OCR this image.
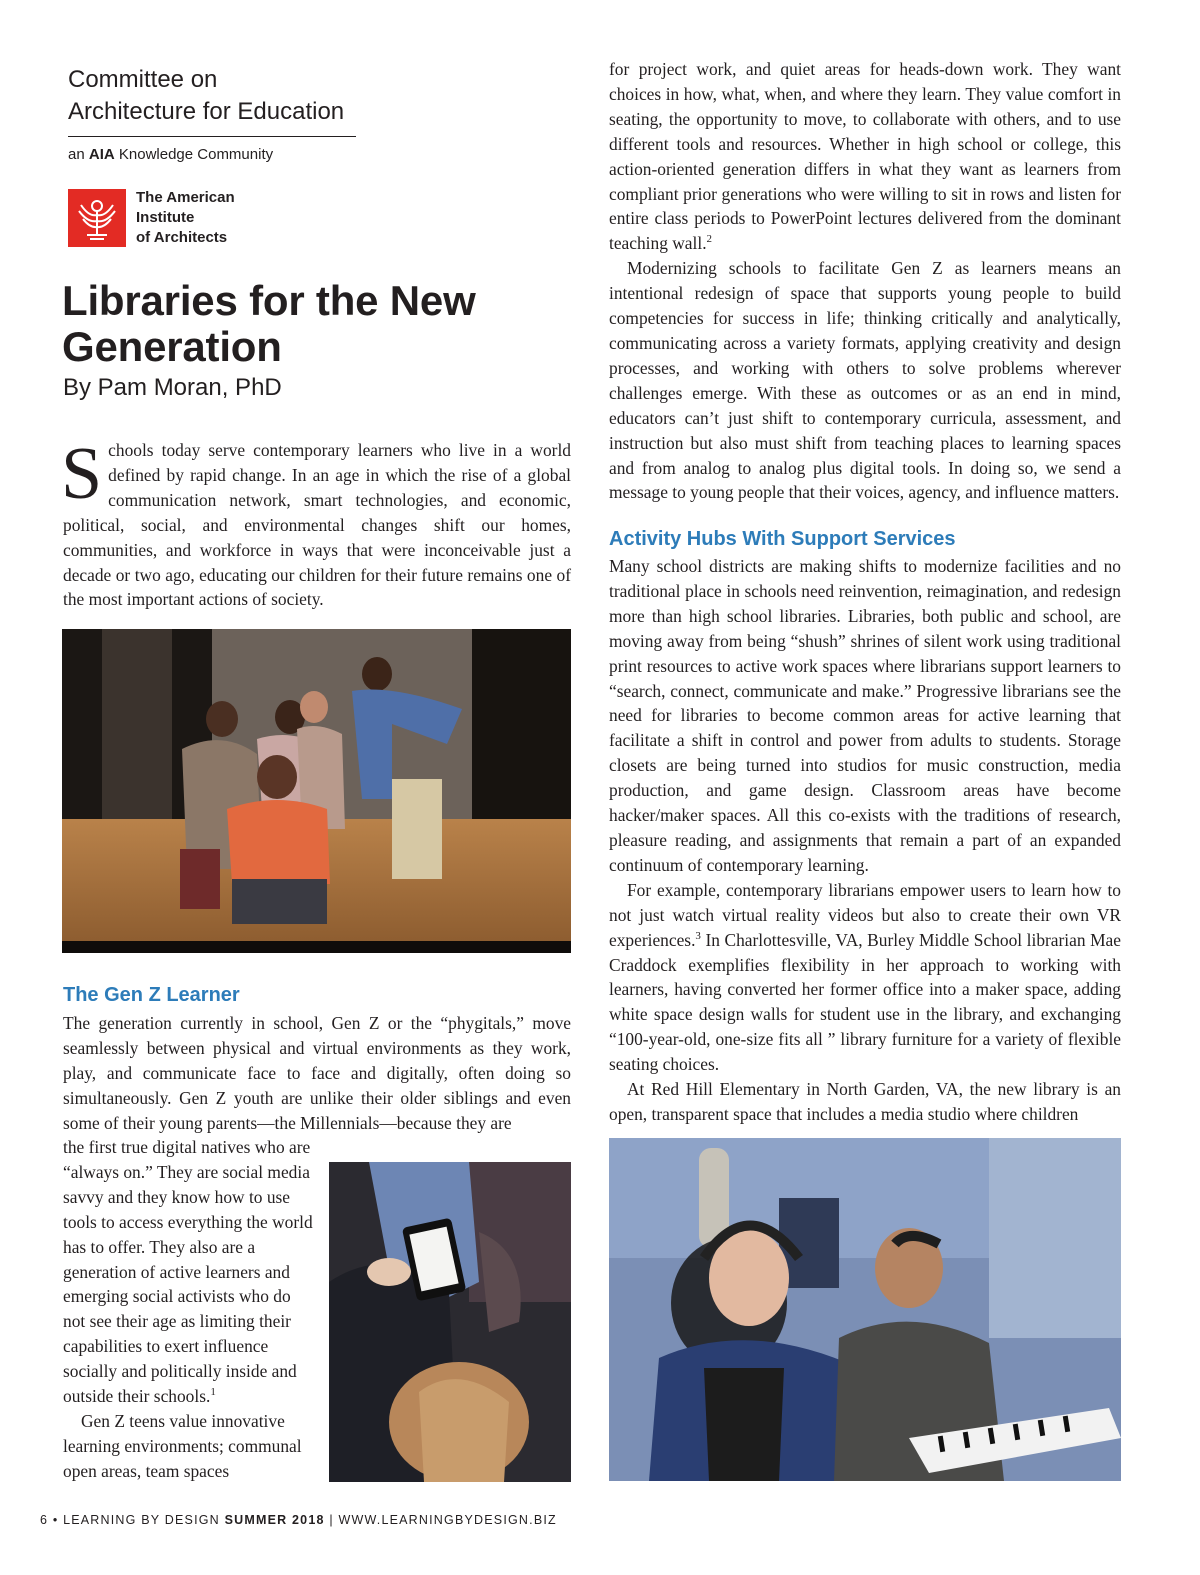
Committee on
Architecture for Education
an AIA Knowledge Community
The American
Institute
of Architects
Libraries for the New
Generation
By Pam Moran, PhD
S chools today serve contemporary learners who live in a world defined by rapid change. In an age in which the rise of a global communication network, smart technologies, and economic, political, social, and environmental changes shift our homes, communities, and workforce in ways that were inconceivable just a decade or two ago, educating our children for their future remains one of the most important actions of society.
The Gen Z Learner
The generation currently in school, Gen Z or the “phygitals,” move seamlessly between physical and virtual environments as they work, play, and communicate face to face and digitally, often doing so simultaneously. Gen Z youth are unlike their older siblings and even some of their young parents—the Millennials—because they are
the first true digital natives who are “always on.” They are social media savvy and they know how to use tools to access everything the world has to offer. They also are a generation of active learners and emerging social activists who do not see their age as limiting their capabilities to exert influence socially and politically inside and outside their schools.$^1$
Gen Z teens value innovative learning environments; communal open areas, team spaces
for project work, and quiet areas for heads-down work. They want choices in how, what, when, and where they learn. They value comfort in seating, the opportunity to move, to collaborate with others, and to use different tools and resources. Whether in high school or college, this action-oriented generation differs in what they want as learners from compliant prior generations who were willing to sit in rows and listen for entire class periods to PowerPoint lectures delivered from the dominant teaching wall.$^2$
Modernizing schools to facilitate Gen Z as learners means an intentional redesign of space that supports young people to build competencies for success in life; thinking critically and analytically, communicating across a variety formats, applying creativity and design processes, and working with others to solve problems wherever challenges emerge. With these as outcomes or as an end in mind, educators can’t just shift to contemporary curricula, assessment, and instruction but also must shift from teaching places to learning spaces and from analog to analog plus digital tools. In doing so, we send a message to young people that their voices, agency, and influence matters.
Activity Hubs With Support Services
Many school districts are making shifts to modernize facilities and no traditional place in schools need reinvention, reimagination, and redesign more than high school libraries. Libraries, both public and school, are moving away from being “shush” shrines of silent work using traditional print resources to active work spaces where librarians support learners to “search, connect, communicate and make.” Progressive librarians see the need for libraries to become common areas for active learning that facilitate a shift in control and power from adults to students. Storage closets are being turned into studios for music construction, media production, and game design. Classroom areas have become hacker/maker spaces. All this co-exists with the traditions of research, pleasure reading, and assignments that remain a part of an expanded continuum of contemporary learning.
For example, contemporary librarians empower users to learn how to not just watch virtual reality videos but also to create their own VR experiences.$^3$ In Charlottesville, VA, Burley Middle School librarian Mae Craddock exemplifies flexibility in her approach to working with learners, having converted her former office into a maker space, adding white space design walls for student use in the library, and exchanging “100-year-old, one-size fits all ” library furniture for a variety of flexible seating choices.
At Red Hill Elementary in North Garden, VA, the new library is an open, transparent space that includes a media studio where children
6 • LEARNING BY DESIGN SUMMER 2018 | WWW.LEARNINGBYDESIGN.BIZ
